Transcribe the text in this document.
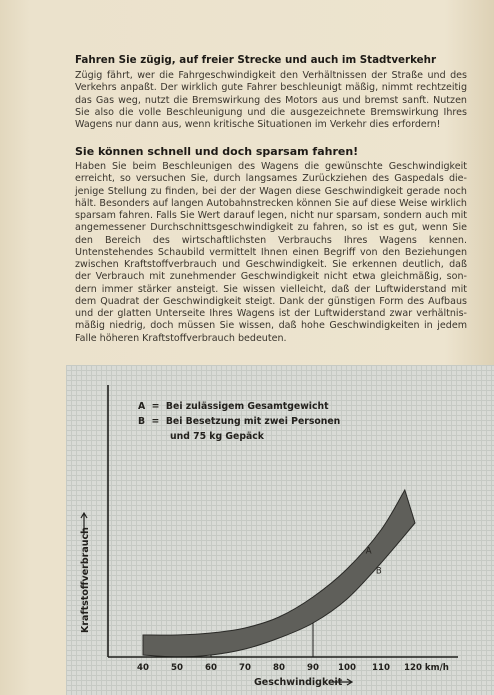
Fahren Sie zügig, auf freier Strecke und auch im Stadtverkehr

Zügig fährt, wer die Fahrgeschwindigkeit den Verhältnissen der Straße und des Verkehrs anpaßt. Der wirklich gute Fahrer beschleunigt mäßig, nimmt rechtzeitig das Gas weg, nutzt die Bremswirkung des Motors aus und bremst sanft. Nutzen Sie also die volle Beschleunigung und die ausgezeichnete Bremswirkung Ihres Wagens nur dann aus, wenn kritische Situationen im Verkehr dies erfordern!

Sie können schnell und doch sparsam fahren!

Haben Sie beim Beschleunigen des Wagens die gewünschte Geschwindigkeit erreicht, so versuchen Sie, durch langsames Zurückziehen des Gaspedals die- jenige Stellung zu finden, bei der der Wagen diese Geschwindigkeit gerade noch hält. Besonders auf langen Autobahnstrecken können Sie auf diese Weise wirklich sparsam fahren. Falls Sie Wert darauf legen, nicht nur sparsam, sondern auch mit angemessener Durchschnittsgeschwindigkeit zu fahren, so ist es gut, wenn Sie den Bereich des wirtschaftlichsten Verbrauchs Ihres Wagens kennen. Untenstehendes Schaubild vermittelt Ihnen einen Begriff von den Beziehungen zwischen Kraftstoffverbrauch und Geschwindigkeit. Sie erkennen deutlich, daß der Verbrauch mit zunehmender Geschwindigkeit nicht etwa gleichmäßig, son- dern immer stärker ansteigt. Sie wissen vielleicht, daß der Luftwiderstand mit dem Quadrat der Geschwindigkeit steigt. Dank der günstigen Form des Aufbaus und der glatten Unterseite Ihres Wagens ist der Luftwiderstand zwar verhältnis- mäßig niedrig, doch müssen Sie wissen, daß hohe Geschwindigkeiten in jedem Falle höheren Kraftstoffverbrauch bedeuten.

40	50	60	70	80	90 100 110 120 km/h
Geschwindigkeit
Kraftstoffverbrauch
A  =  Bei zulässigem Gesamtgewicht
B  =  Bei Besetzung mit zwei Personen
und 75 kg Gepäck
A
B
